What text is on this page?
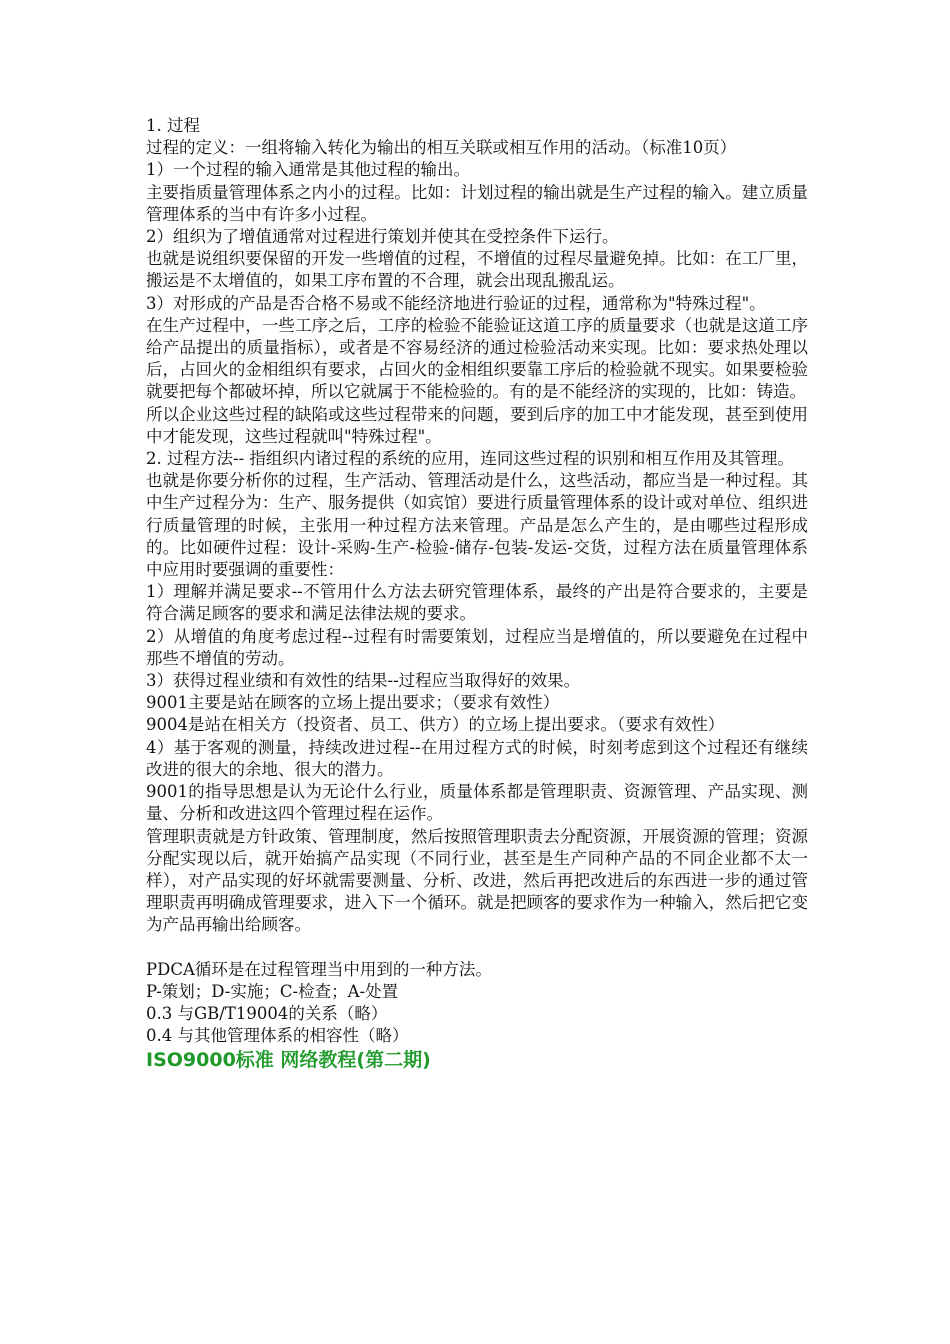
1. 过程

过程的定义：一组将输入转化为输出的相互关联或相互作用的活动。（标准10页）

1）一个过程的输入通常是其他过程的输出。

主要指质量管理体系之内小的过程。比如：计划过程的输出就是生产过程的输入。建立质量管理体系的当中有许多小过程。

2）组织为了增值通常对过程进行策划并使其在受控条件下运行。

也就是说组织要保留的开发一些增值的过程，不增值的过程尽量避免掉。比如：在工厂里，搬运是不太增值的，如果工序布置的不合理，就会出现乱搬乱运。

3）对形成的产品是否合格不易或不能经济地进行验证的过程，通常称为"特殊过程"。

在生产过程中，一些工序之后，工序的检验不能验证这道工序的质量要求（也就是这道工序给产品提出的质量指标），或者是不容易经济的通过检验活动来实现。比如：要求热处理以后，占回火的金相组织有要求，占回火的金相组织要靠工序后的检验就不现实。如果要检验就要把每个都破坏掉，所以它就属于不能检验的。有的是不能经济的实现的，比如：铸造。

所以企业这些过程的缺陷或这些过程带来的问题，要到后序的加工中才能发现，甚至到使用中才能发现，这些过程就叫"特殊过程"。

2. 过程方法-- 指组织内诸过程的系统的应用，连同这些过程的识别和相互作用及其管理。

也就是你要分析你的过程，生产活动、管理活动是什么，这些活动，都应当是一种过程。其中生产过程分为：生产、服务提供（如宾馆）要进行质量管理体系的设计或对单位、组织进行质量管理的时候，主张用一种过程方法来管理。产品是怎么产生的，是由哪些过程形成的。比如硬件过程：设计-采购-生产-检验-储存-包装-发运-交货，过程方法在质量管理体系中应用时要强调的重要性：

1）理解并满足要求--不管用什么方法去研究管理体系，最终的产出是符合要求的，主要是符合满足顾客的要求和满足法律法规的要求。

2）从增值的角度考虑过程--过程有时需要策划，过程应当是增值的，所以要避免在过程中那些不增值的劳动。

3）获得过程业绩和有效性的结果--过程应当取得好的效果。

9001主要是站在顾客的立场上提出要求；（要求有效性）

9004是站在相关方（投资者、员工、供方）的立场上提出要求。（要求有效性）

4）基于客观的测量，持续改进过程--在用过程方式的时候，时刻考虑到这个过程还有继续改进的很大的余地、很大的潜力。

9001的指导思想是认为无论什么行业，质量体系都是管理职责、资源管理、产品实现、测量、分析和改进这四个管理过程在运作。

管理职责就是方针政策、管理制度，然后按照管理职责去分配资源，开展资源的管理；资源分配实现以后，就开始搞产品实现（不同行业，甚至是生产同种产品的不同企业都不太一样），对产品实现的好坏就需要测量、分析、改进，然后再把改进后的东西进一步的通过管理职责再明确成管理要求，进入下一个循环。就是把顾客的要求作为一种输入，然后把它变为产品再输出给顾客。

PDCA循环是在过程管理当中用到的一种方法。

P-策划；D-实施；C-检查；A-处置

0.3 与GB/T19004的关系（略）

0.4 与其他管理体系的相容性（略）

ISO9000标准 网络教程(第二期)
